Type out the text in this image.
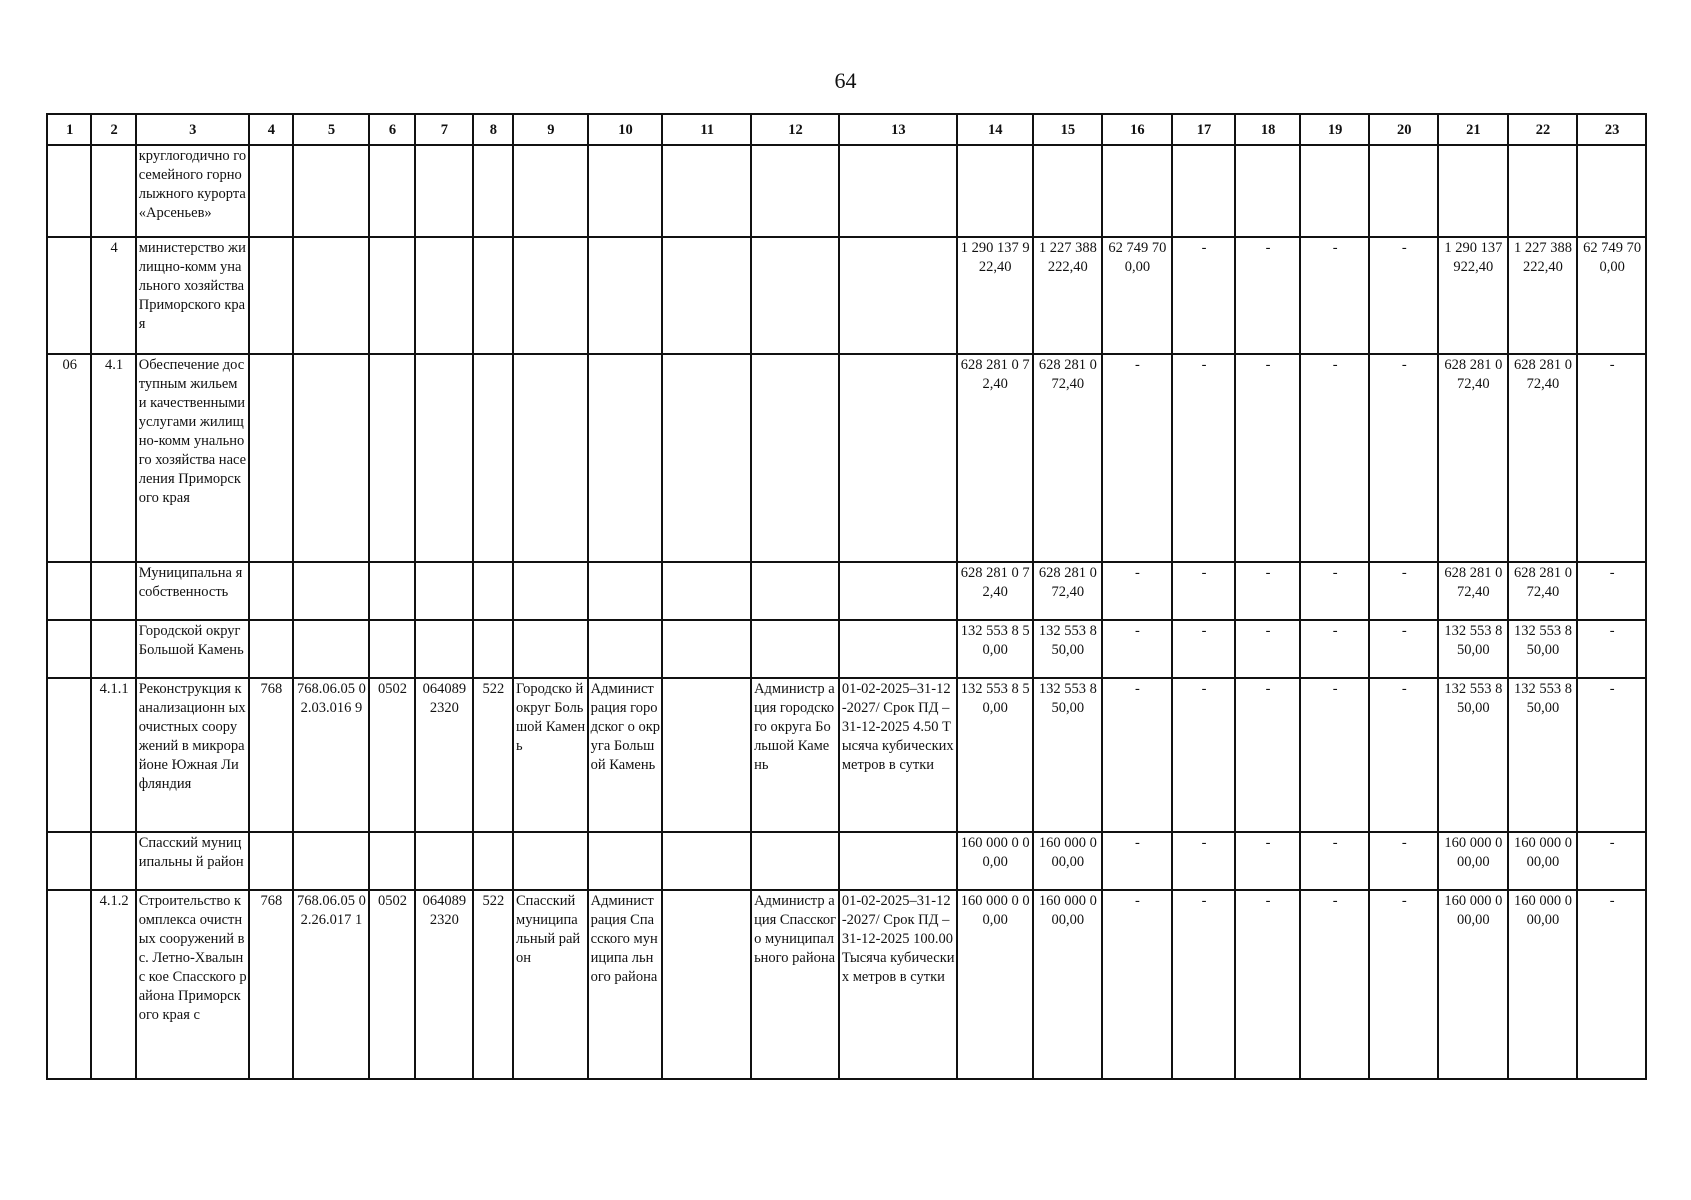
64
1	2	3	4	5	6	7	8	9	10	11	12	13	14	15	16	17	18	19	20	21	22	23
		круглогодично го семейного горнолыжного курорта «Арсеньев»																				
	4	министерство жилищно-комм унального хозяйства Приморского края											1 290 137 922,40	1 227 388 222,40	62 749 70 0,00	-	-	-	-	1 290 137 922,40	1 227 388 222,40	62 749 70 0,00
06	4.1	Обеспечение доступным жильем и качественными услугами жилищно-комм унального хозяйства населения Приморского края											628 281 0 72,40	628 281 0 72,40	-	-	-	-	-	628 281 0 72,40	628 281 0 72,40	-
		Муниципальна я собственность											628 281 0 72,40	628 281 0 72,40	-	-	-	-	-	628 281 0 72,40	628 281 0 72,40	-
		Городской округ Большой Камень											132 553 8 50,00	132 553 8 50,00	-	-	-	-	-	132 553 8 50,00	132 553 8 50,00	-
	4.1.1	Реконструкция канализационн ых очистных сооружений в микрорайоне Южная Лифляндия	768	768.06.05 02.03.016 9	0502	064089 2320	522	Городско й округ Большой Камень	Админист рация городског о округа Большой Камень		Администр ация городского округа Большой Камень	01-02-2025–31-12-2027/ Срок ПД – 31-12-2025 4.50 Тысяча кубических метров в сутки	132 553 8 50,00	132 553 8 50,00	-	-	-	-	-	132 553 8 50,00	132 553 8 50,00	-
		Спасский муниципальны й район											160 000 0 00,00	160 000 0 00,00	-	-	-	-	-	160 000 0 00,00	160 000 0 00,00	-
	4.1.2	Строительство комплекса очистных сооружений в с. Летно-Хвалынс кое Спасского района Приморского края с	768	768.06.05 02.26.017 1	0502	064089 2320	522	Спасский муниципа льный район	Админист рация Спасского муниципа льного района		Администр ация Спасского муниципал ьного района	01-02-2025–31-12-2027/ Срок ПД – 31-12-2025 100.00 Тысяча кубических метров в сутки	160 000 0 00,00	160 000 0 00,00	-	-	-	-	-	160 000 0 00,00	160 000 0 00,00	-
